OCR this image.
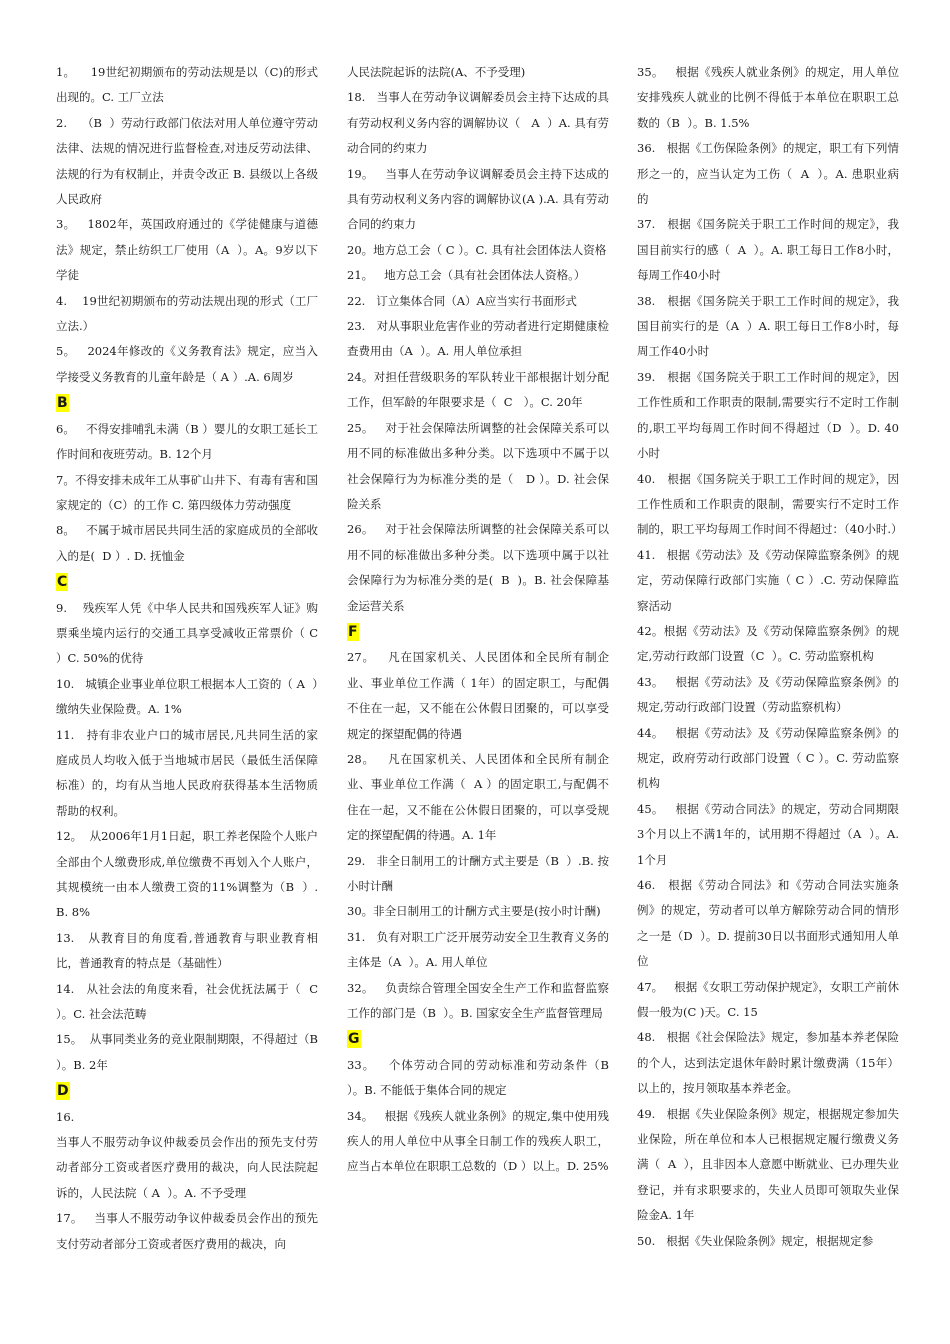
1。    19世纪初期颁布的劳动法规是以（C)的形式出现的。C. 工厂立法
2.    （B  ）劳动行政部门依法对用人单位遵守劳动法律、法规的情况进行监督检查,对违反劳动法律、法规的行为有权制止，并责令改正 B. 县级以上各级人民政府
3。   1802年，英国政府通过的《学徒健康与道德法》规定，禁止纺织工厂使用（A  ）。A。9岁以下学徒
4.    19世纪初期颁布的劳动法规出现的形式（工厂立法.）
5。   2024年修改的《义务教育法》规定，应当入学接受义务教育的儿童年龄是（ A ）.A. 6周岁
B
6。   不得安排哺乳未满（B ）婴儿的女职工延长工作时间和夜班劳动。B. 12个月
7。不得安排未成年工从事矿山井下、有毒有害和国家规定的（C）的工作 C. 第四级体力劳动强度
8。   不属于城市居民共同生活的家庭成员的全部收入的是(  D ）. D. 抚恤金
C
9.    残疾军人凭《中华人民共和国残疾军人证》购票乘坐境内运行的交通工具享受减收正常票价（ C ）C. 50%的优待
10.   城镇企业事业单位职工根据本人工资的（ A  ）缴纳失业保险费。A. 1%
11.   持有非农业户口的城市居民,凡共同生活的家庭成员人均收入低于当地城市居民（最低生活保障标准）的，均有从当地人民政府获得基本生活物质帮助的权利。
12。  从2006年1月1日起，职工养老保险个人账户全部由个人缴费形成,单位缴费不再划入个人账户，其规模统一由本人缴费工资的11%调整为（B  ）.B. 8%
13.   从教育目的角度看,普通教育与职业教育相比，普通教育的特点是（基础性）
14.   从社会法的角度来看，社会优抚法属于（  C  ）。C. 社会法范畴
15。  从事同类业务的竞业限制期限，不得超过（B  ）。B. 2年
D
16.
当事人不服劳动争议仲裁委员会作出的预先支付劳动者部分工资或者医疗费用的裁决，向人民法院起诉的，人民法院（ A  ）。A. 不予受理
17。   当事人不服劳动争议仲裁委员会作出的预先支付劳动者部分工资或者医疗费用的裁决，向
人民法院起诉的法院(A、不予受理)
18.   当事人在劳动争议调解委员会主持下达成的具有劳动权利义务内容的调解协议（   A  ）A. 具有劳动合同的约束力
19。   当事人在劳动争议调解委员会主持下达成的具有劳动权利义务内容的调解协议(A ).A. 具有劳动合同的约束力
20。地方总工会（ C ）。C. 具有社会团体法人资格
21。   地方总工会（具有社会团体法人资格。）
22.   订立集体合同（A）A应当实行书面形式
23.   对从事职业危害作业的劳动者进行定期健康检查费用由（A  ）。A. 用人单位承担
24。对担任营级职务的军队转业干部根据计划分配工作，但军龄的年限要求是（  C   ）。C. 20年
25。   对于社会保障法所调整的社会保障关系可以用不同的标准做出多种分类。以下选项中不属于以社会保障行为为标准分类的是（   D ）。D. 社会保险关系
26。   对于社会保障法所调整的社会保障关系可以用不同的标准做出多种分类。以下选项中属于以社会保障行为为标准分类的是(  B  )。B. 社会保障基金运营关系
F
27。   凡在国家机关、人民团体和全民所有制企业、事业单位工作满（ 1年）的固定职工，与配偶不住在一起，又不能在公休假日团聚的，可以享受规定的探望配偶的待遇
28。   凡在国家机关、人民团体和全民所有制企业、事业单位工作满（  A ）的固定职工,与配偶不住在一起，又不能在公休假日团聚的，可以享受规定的探望配偶的待遇。A. 1年
29.   非全日制用工的计酬方式主要是（B  ）.B. 按小时计酬
30。非全日制用工的计酬方式主要是(按小时计酬)
31.   负有对职工广泛开展劳动安全卫生教育义务的主体是（A  ）。A. 用人单位
32。   负责综合管理全国安全生产工作和监督监察工作的部门是（B  ）。B. 国家安全生产监督管理局
G
33。   个体劳动合同的劳动标准和劳动条件（B  ）。B. 不能低于集体合同的规定
34。   根据《残疾人就业条例》的规定,集中使用残疾人的用人单位中从事全日制工作的残疾人职工，应当占本单位在职职工总数的（D ）以上。D. 25%
35。   根据《残疾人就业条例》的规定，用人单位安排残疾人就业的比例不得低于本单位在职职工总数的（B  ）。B. 1.5%
36.   根据《工伤保险条例》的规定，职工有下列情形之一的，应当认定为工伤（  A  ）。A. 患职业病的
37.   根据《国务院关于职工工作时间的规定》，我国目前实行的感（  A  ）。A. 职工每日工作8小时，每周工作40小时
38.   根据《国务院关于职工工作时间的规定》，我国目前实行的是（A  ）A. 职工每日工作8小时，每周工作40小时
39.   根据《国务院关于职工工作时间的规定》，因工作性质和工作职责的限制,需要实行不定时工作制的,职工平均每周工作时间不得超过（D  ）。D. 40小时
40.   根据《国务院关于职工工作时间的规定》，因工作性质和工作职责的限制，需要实行不定时工作制的，职工平均每周工作时间不得超过：（40小时.）
41.   根据《劳动法》及《劳动保障监察条例》的规定，劳动保障行政部门实施（ C ）.C. 劳动保障监察活动
42。根据《劳动法》及《劳动保障监察条例》的规定,劳动行政部门设置（C  ）。C. 劳动监察机构
43。   根据《劳动法》及《劳动保障监察条例》的规定,劳动行政部门设置（劳动监察机构）
44。   根据《劳动法》及《劳动保障监察条例》的规定，政府劳动行政部门设置（ C ）。C. 劳动监察机构
45。   根据《劳动合同法》的规定，劳动合同期限3个月以上不满1年的，试用期不得超过（A  ）。A. 1个月
46.   根据《劳动合同法》和《劳动合同法实施条例》的规定，劳动者可以单方解除劳动合同的情形之一是（D  ）。D. 提前30日以书面形式通知用人单位
47。   根据《女职工劳动保护规定》，女职工产前休假一般为(C )天。C. 15
48.   根据《社会保险法》规定，参加基本养老保险的个人，达到法定退休年龄时累计缴费满（15年）以上的，按月领取基本养老金。
49.   根据《失业保险条例》规定，根据规定参加失业保险，所在单位和本人已根据规定履行缴费义务满（  A  ），且非因本人意愿中断就业、已办理失业登记，并有求职要求的，失业人员即可领取失业保险金A. 1年
50.   根据《失业保险条例》规定，根据规定参
